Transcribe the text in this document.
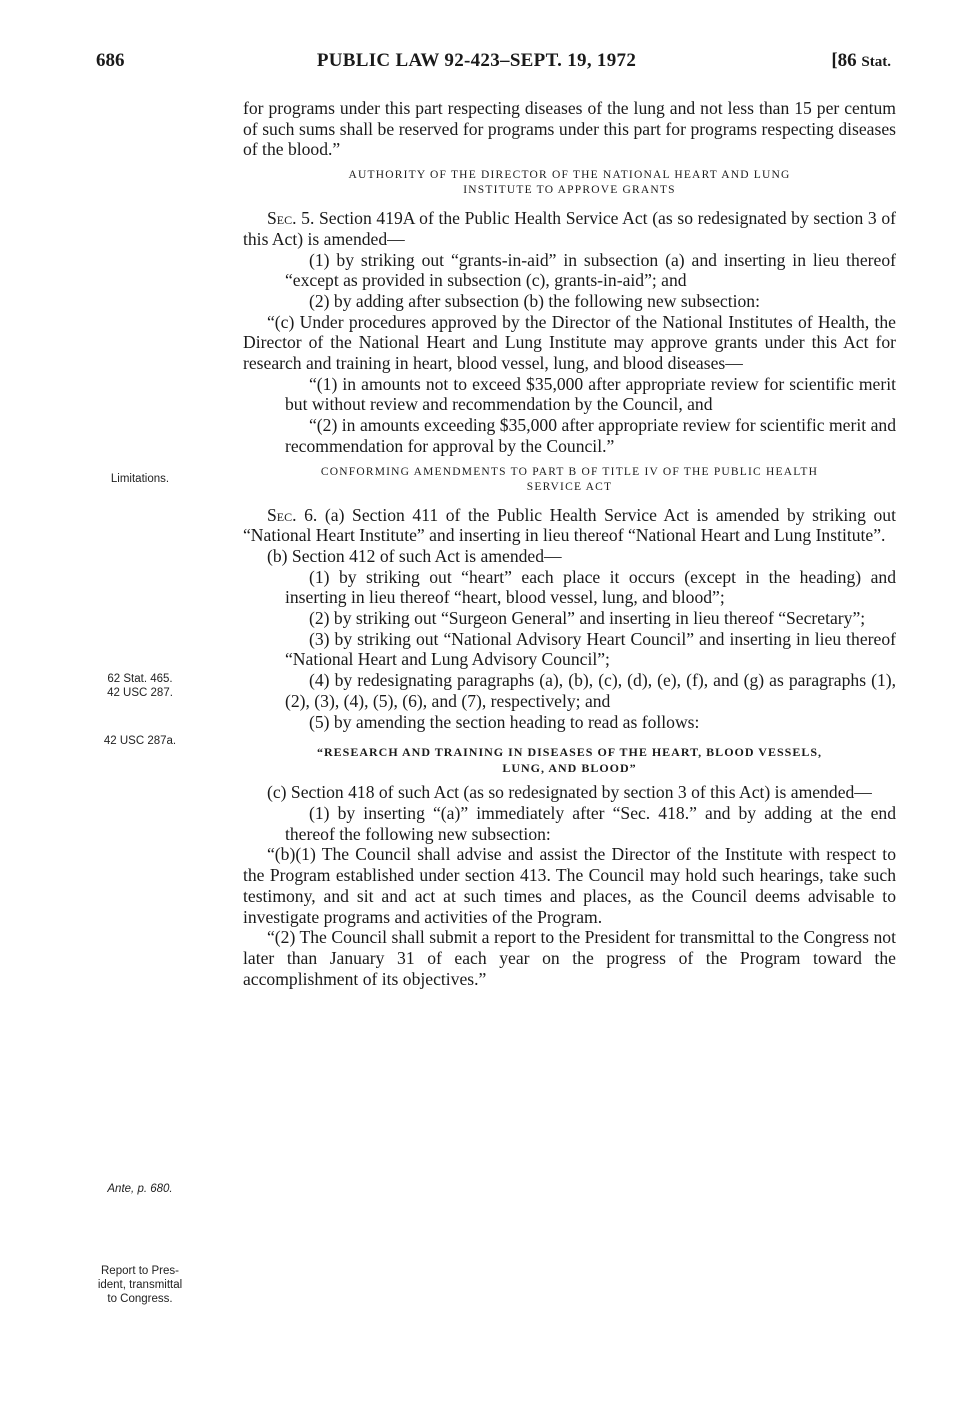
686	PUBLIC LAW 92-423–SEPT. 19, 1972	[86 Stat.
Limitations.
62 Stat. 465.
42 USC 287.
42 USC 287a.
Ante, p. 680.
Report to Pres-
ident, transmittal
to Congress.

for programs under this part respecting diseases of the lung and not less than 15 per centum of such sums shall be reserved for programs under this part for programs respecting diseases of the blood.”

AUTHORITY OF THE DIRECTOR OF THE NATIONAL HEART AND LUNG
INSTITUTE TO APPROVE GRANTS

Sec. 5. Section 419A of the Public Health Service Act (as so redesignated by section 3 of this Act) is amended—

(1) by striking out “grants-in-aid” in subsection (a) and inserting in lieu thereof “except as provided in subsection (c), grants-in-aid”; and

(2) by adding after subsection (b) the following new subsection:

“(c) Under procedures approved by the Director of the National Institutes of Health, the Director of the National Heart and Lung Institute may approve grants under this Act for research and training in heart, blood vessel, lung, and blood diseases—

“(1) in amounts not to exceed $35,000 after appropriate review for scientific merit but without review and recommendation by the Council, and

“(2) in amounts exceeding $35,000 after appropriate review for scientific merit and recommendation for approval by the Council.”

CONFORMING AMENDMENTS TO PART B OF TITLE IV OF THE PUBLIC HEALTH
SERVICE ACT

Sec. 6. (a) Section 411 of the Public Health Service Act is amended by striking out “National Heart Institute” and inserting in lieu thereof “National Heart and Lung Institute”.

(b) Section 412 of such Act is amended—

(1) by striking out “heart” each place it occurs (except in the heading) and inserting in lieu thereof “heart, blood vessel, lung, and blood”;

(2) by striking out “Surgeon General” and inserting in lieu thereof “Secretary”;

(3) by striking out “National Advisory Heart Council” and inserting in lieu thereof “National Heart and Lung Advisory Council”;

(4) by redesignating paragraphs (a), (b), (c), (d), (e), (f), and (g) as paragraphs (1), (2), (3), (4), (5), (6), and (7), respectively; and

(5) by amending the section heading to read as follows:

“RESEARCH AND TRAINING IN DISEASES OF THE HEART, BLOOD VESSELS,
LUNG, AND BLOOD”

(c) Section 418 of such Act (as so redesignated by section 3 of this Act) is amended—

(1) by inserting “(a)” immediately after “Sec. 418.” and by adding at the end thereof the following new subsection:

“(b)(1) The Council shall advise and assist the Director of the Institute with respect to the Program established under section 413. The Council may hold such hearings, take such testimony, and sit and act at such times and places, as the Council deems advisable to investigate programs and activities of the Program.

“(2) The Council shall submit a report to the President for transmittal to the Congress not later than January 31 of each year on the progress of the Program toward the accomplishment of its objectives.”
